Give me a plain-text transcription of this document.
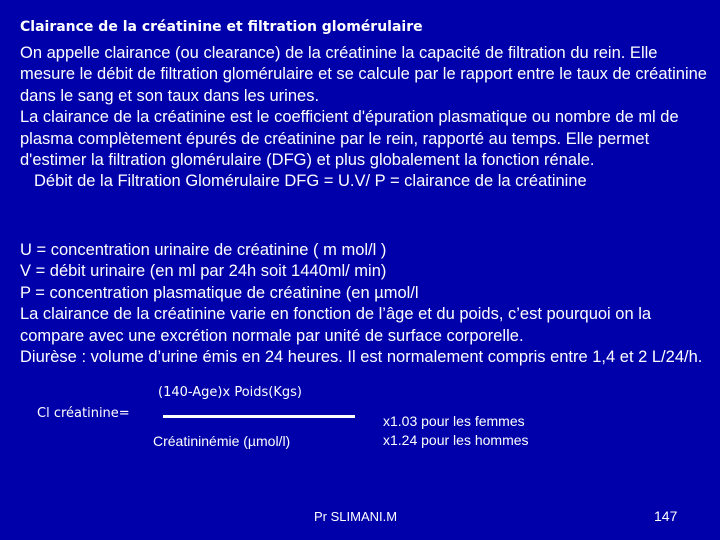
Clairance de la créatinine et filtration glomérulaire

On appelle clairance (ou clearance) de la créatinine la capacité de filtration du rein. Elle mesure le débit de filtration glomérulaire et se calcule par le rapport entre le taux de créatinine dans le sang et son taux dans les urines.

La clairance de la créatinine est le coefficient d'épuration plasmatique ou nombre de ml de plasma complètement épurés de créatinine par le rein, rapporté au temps. Elle permet d'estimer la filtration glomérulaire (DFG) et plus globalement la fonction rénale.

Débit de la Filtration Glomérulaire DFG = U.V/ P = clairance de la créatinine

U = concentration urinaire de créatinine ( m mol/l )

V = débit urinaire (en ml par 24h soit 1440ml/ min)

P = concentration plasmatique de créatinine (en µmol/l

La clairance de la créatinine varie en fonction de l’âge et du poids, c’est pourquoi on la compare avec une excrétion normale par unité de surface corporelle.

Diurèse : volume d’urine émis en 24 heures. Il est normalement compris entre 1,4 et 2 L/24/h.

(140-Age)x Poids(Kgs)
Cl créatinine=
Créatininémie (µmol/l)
x1.03 pour les femmes
x1.24 pour les hommes
Pr SLIMANI.M	147
